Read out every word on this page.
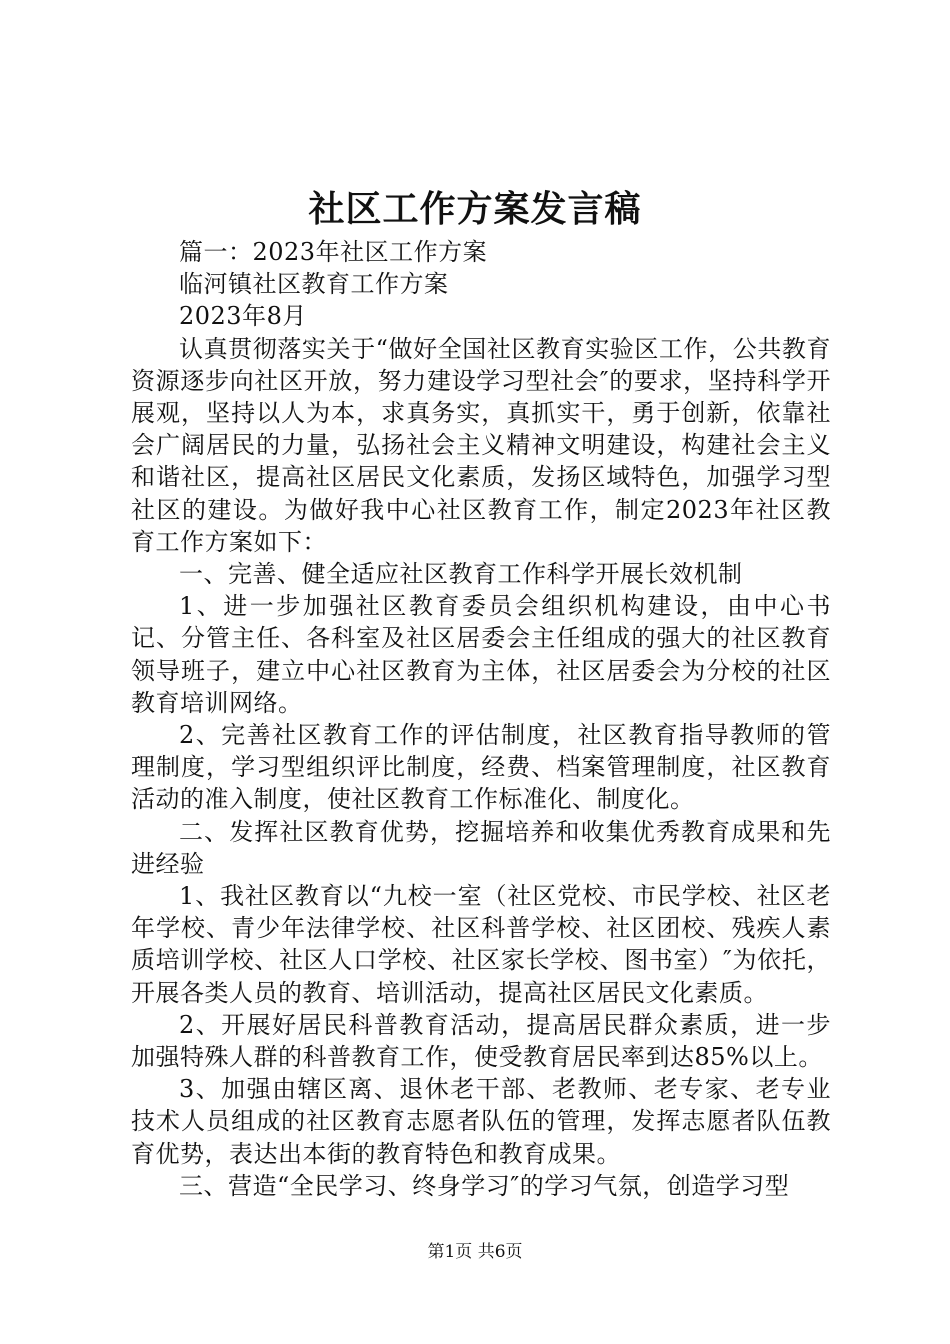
社区工作方案发言稿

篇一：2023年社区工作方案

临河镇社区教育工作方案

2023年8月

认真贯彻落实关于“做好全国社区教育实验区工作，公共教育资源逐步向社区开放，努力建设学习型社会″的要求，坚持科学开展观，坚持以人为本，求真务实，真抓实干，勇于创新，依靠社会广阔居民的力量，弘扬社会主义精神文明建设，构建社会主义和谐社区，提高社区居民文化素质，发扬区域特色，加强学习型社区的建设。为做好我中心社区教育工作，制定2023年社区教育工作方案如下：

一、完善、健全适应社区教育工作科学开展长效机制

1、进一步加强社区教育委员会组织机构建设，由中心书记、分管主任、各科室及社区居委会主任组成的强大的社区教育领导班子，建立中心社区教育为主体，社区居委会为分校的社区教育培训网络。

2、完善社区教育工作的评估制度，社区教育指导教师的管理制度，学习型组织评比制度，经费、档案管理制度，社区教育活动的准入制度，使社区教育工作标准化、制度化。

二、发挥社区教育优势，挖掘培养和收集优秀教育成果和先进经验

1、我社区教育以“九校一室（社区党校、市民学校、社区老年学校、青少年法律学校、社区科普学校、社区团校、残疾人素质培训学校、社区人口学校、社区家长学校、图书室）″为依托，开展各类人员的教育、培训活动，提高社区居民文化素质。

2、开展好居民科普教育活动，提高居民群众素质，进一步加强特殊人群的科普教育工作，使受教育居民率到达85%以上。

3、加强由辖区离、退休老干部、老教师、老专家、老专业技术人员组成的社区教育志愿者队伍的管理，发挥志愿者队伍教育优势，表达出本街的教育特色和教育成果。

三、营造“全民学习、终身学习″的学习气氛，创造学习型

第1页 共6页
